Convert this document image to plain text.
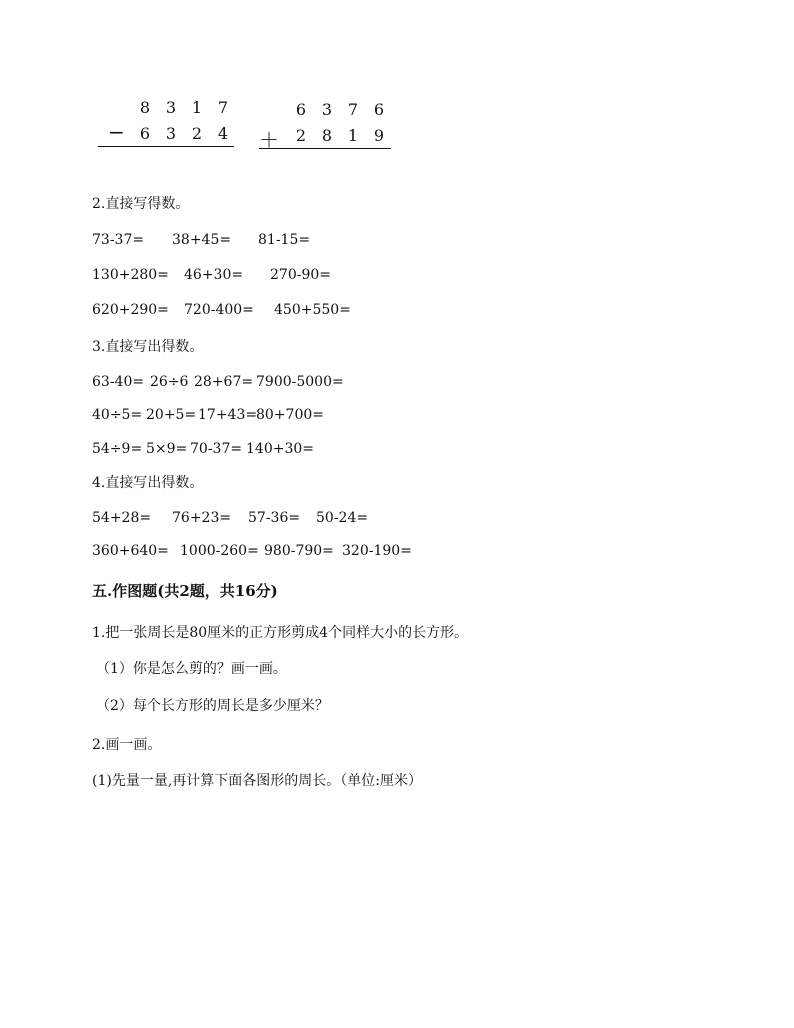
8 3 1 7
− 6 3 2 4
6 3 7 6
＋	2 8 1 9
2.直接写得数。
73-37= 38+45= 81-15=
130+280= 46+30= 270-90=
620+290= 720-400= 450+550=
3.直接写出得数。
63-40= 26÷6 28+67= 7900-5000=
40÷5= 20+5= 17+43=80+700=
54÷9= 5×9= 70-37= 140+30=
4.直接写出得数。
54+28= 76+23= 57-36= 50-24=
360+640= 1000-260= 980-790= 320-190=
五.作图题(共2题，共16分)
1.把一张周长是80厘米的正方形剪成4个同样大小的长方形。
（1）你是怎么剪的？画一画。
（2）每个长方形的周长是多少厘米？
2.画一画。
(1)先量一量,再计算下面各图形的周长。（单位:厘米）
